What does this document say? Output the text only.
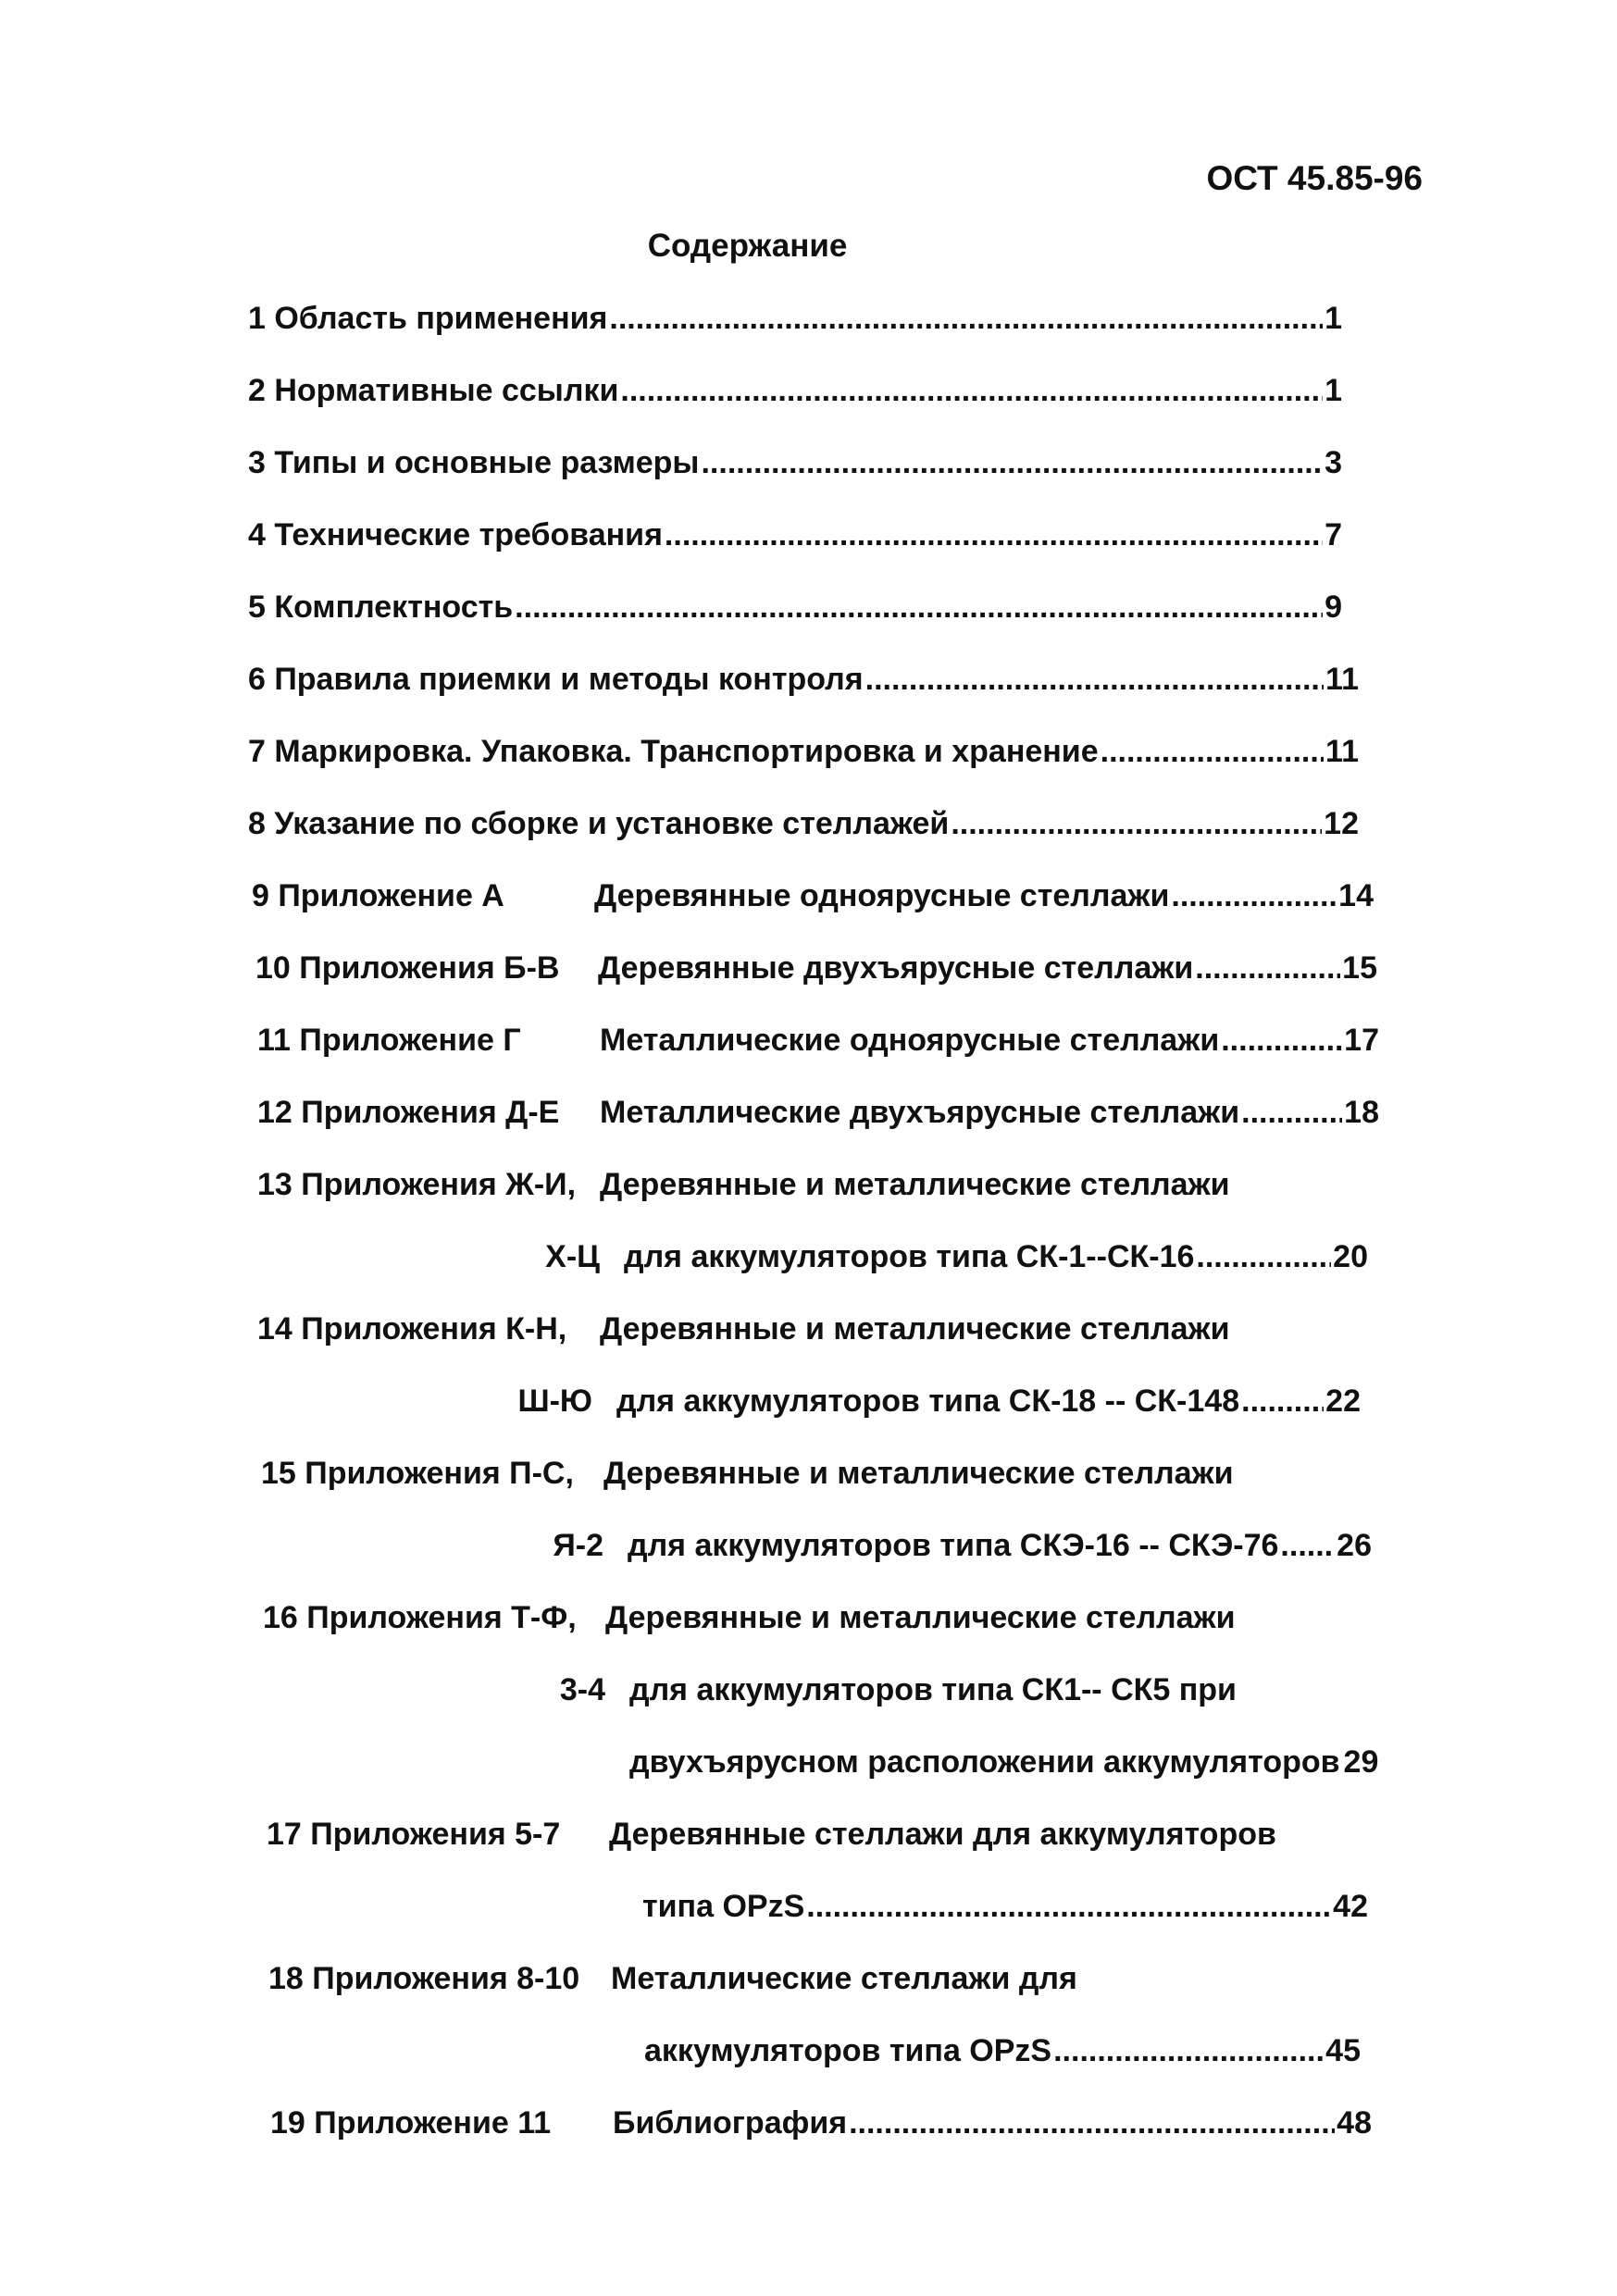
ОСТ 45.85-96
Содержание
1 Область применения .....	1
2 Нормативные ссылки .....	1
3 Типы и основные размеры .....	3
4 Технические требования .....	7
5 Комплектность .....	9
6 Правила приемки и методы контроля .....	11
7 Маркировка. Упаковка. Транспортировка и хранение .....	11
8 Указание по сборке и установке стеллажей .....	12
9 Приложение А	Деревянные одноярусные стеллажи .....	14
10 Приложения Б-В	Деревянные двухъярусные стеллажи .....	15
11 Приложение Г	Металлические одноярусные стеллажи .....	17
12 Приложения Д-Е	Металлические двухъярусные стеллажи .....	18
13 Приложения Ж-И, Деревянные и металлические стеллажи
Х-Ц для аккумуляторов типа СК-1--СК-16 .....	20
14 Приложения К-Н,	Деревянные и металлические стеллажи
Ш-Ю для аккумуляторов типа СК-18 -- СК-148 .....	22
15 Приложения П-С, Деревянные и металлические стеллажи
Я-2 для аккумуляторов типа СКЭ-16 -- СКЭ-76 ..... 26
16 Приложения Т-Ф, Деревянные и металлические стеллажи
3-4 для аккумуляторов типа СК1-- СК5 при
двухъярусном расположении аккумуляторов 29
17 Приложения 5-7	Деревянные стеллажи для аккумуляторов
типа OPzS .....	42
18 Приложения 8-10 Металлические стеллажи для
аккумуляторов типа OPzS .....	45
19 Приложение 11	Библиография .....	48
